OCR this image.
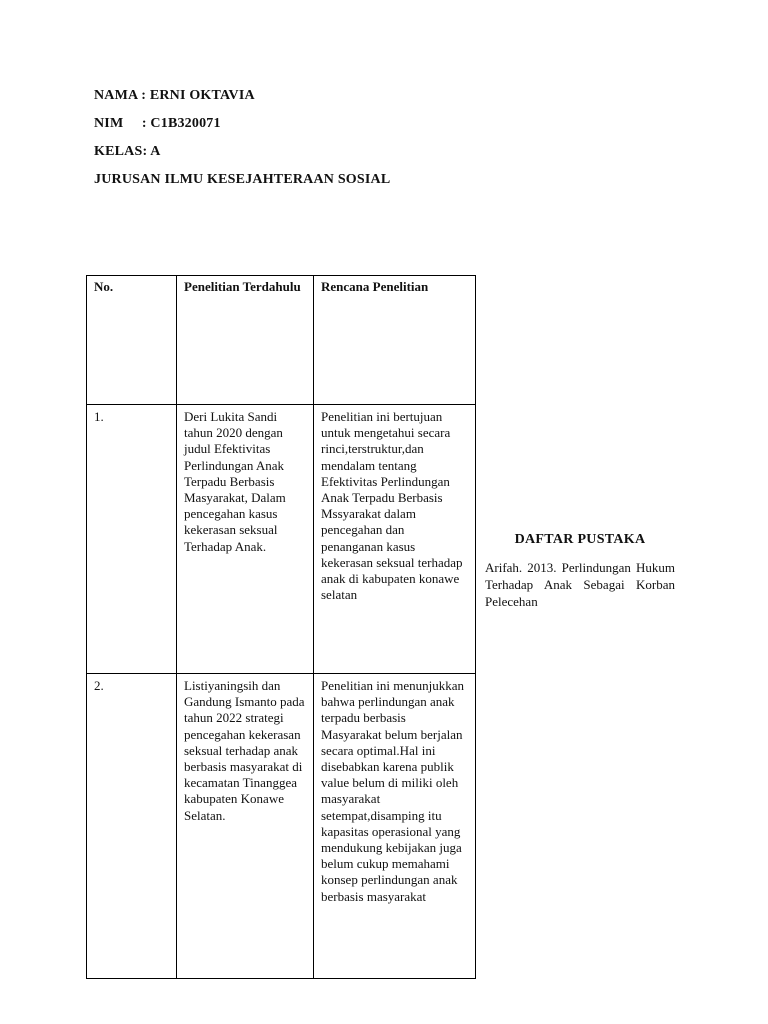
NAMA : ERNI OKTAVIA
NIM     : C1B320071
KELAS: A
JURUSAN ILMU KESEJAHTERAAN SOSIAL
No.	Penelitian Terdahulu	Rencana Penelitian
1.	Deri Lukita Sandi tahun 2020 dengan judul Efektivitas Perlindungan Anak Terpadu Berbasis Masyarakat, Dalam pencegahan kasus kekerasan seksual Terhadap Anak.	Penelitian ini bertujuan untuk mengetahui secara rinci,terstruktur,dan mendalam tentang Efektivitas Perlindungan Anak Terpadu Berbasis Mssyarakat dalam pencegahan dan penanganan kasus kekerasan seksual terhadap anak di kabupaten konawe selatan
2.	Listiyaningsih dan Gandung Ismanto pada tahun 2022 strategi pencegahan kekerasan seksual terhadap anak berbasis masyarakat di kecamatan Tinanggea kabupaten Konawe Selatan.	Penelitian ini menunjukkan bahwa perlindungan anak terpadu berbasis Masyarakat belum berjalan secara optimal.Hal ini disebabkan karena publik value belum di miliki oleh masyarakat setempat,disamping itu kapasitas operasional yang mendukung kebijakan juga belum cukup memahami konsep perlindungan anak berbasis masyarakat
DAFTAR PUSTAKA
Arifah. 2013. Perlindungan Hukum Terhadap Anak Sebagai Korban Pelecehan
